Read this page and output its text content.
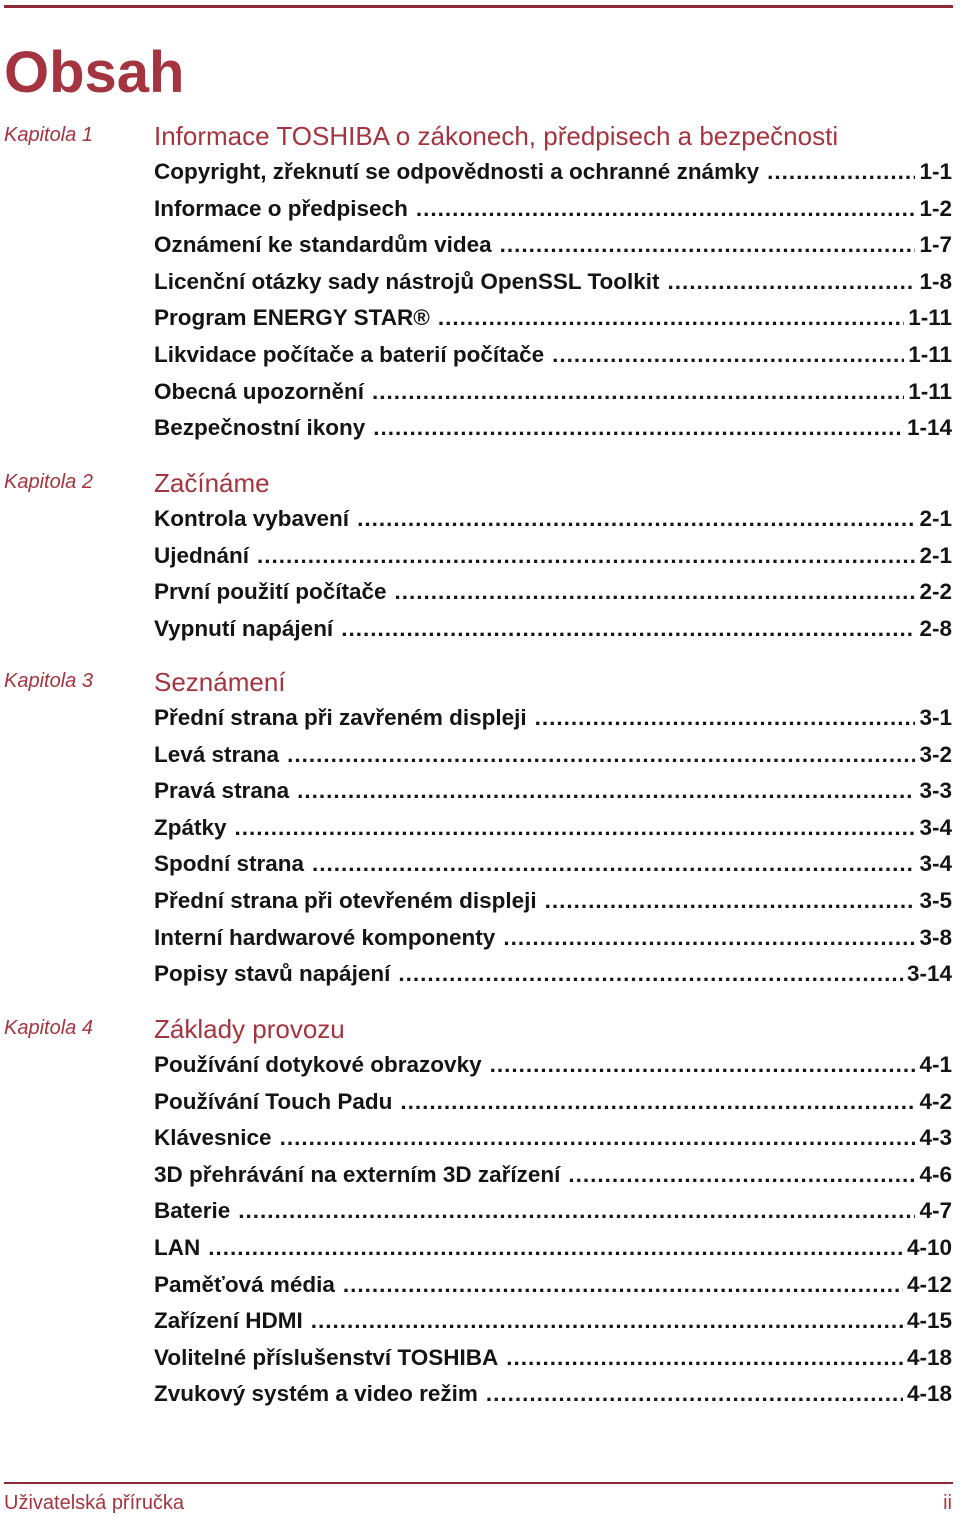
Obsah
Kapitola 1 Informace TOSHIBA o zákonech, předpisech a bezpečnosti
Copyright, zřeknutí se odpovědnosti a ochranné známky .....	1-1
Informace o předpisech .....	1-2
Oznámení ke standardům videa .....	1-7
Licenční otázky sady nástrojů OpenSSL Toolkit .....	1-8
Program ENERGY STAR® .....	1-11
Likvidace počítače a baterií počítače .....	1-11
Obecná upozornění .....	1-11
Bezpečnostní ikony .....	1-14
Kapitola 2 Začínáme
Kontrola vybavení .....	2-1
Ujednání .....	2-1
První použití počítače .....	2-2
Vypnutí napájení .....	2-8
Kapitola 3 Seznámení
Přední strana při zavřeném displeji .....	3-1
Levá strana .....	3-2
Pravá strana .....	3-3
Zpátky .....	3-4
Spodní strana .....	3-4
Přední strana při otevřeném displeji .....	3-5
Interní hardwarové komponenty .....	3-8
Popisy stavů napájení .....	3-14
Kapitola 4 Základy provozu
Používání dotykové obrazovky .....	4-1
Používání Touch Padu .....	4-2
Klávesnice .....	4-3
3D přehrávání na externím 3D zařízení .....	4-6
Baterie .....	4-7
LAN .....	4-10
Paměťová média .....	4-12
Zařízení HDMI .....	4-15
Volitelné příslušenství TOSHIBA .....	4-18
Zvukový systém a video režim .....	4-18
Uživatelská příručka	ii
